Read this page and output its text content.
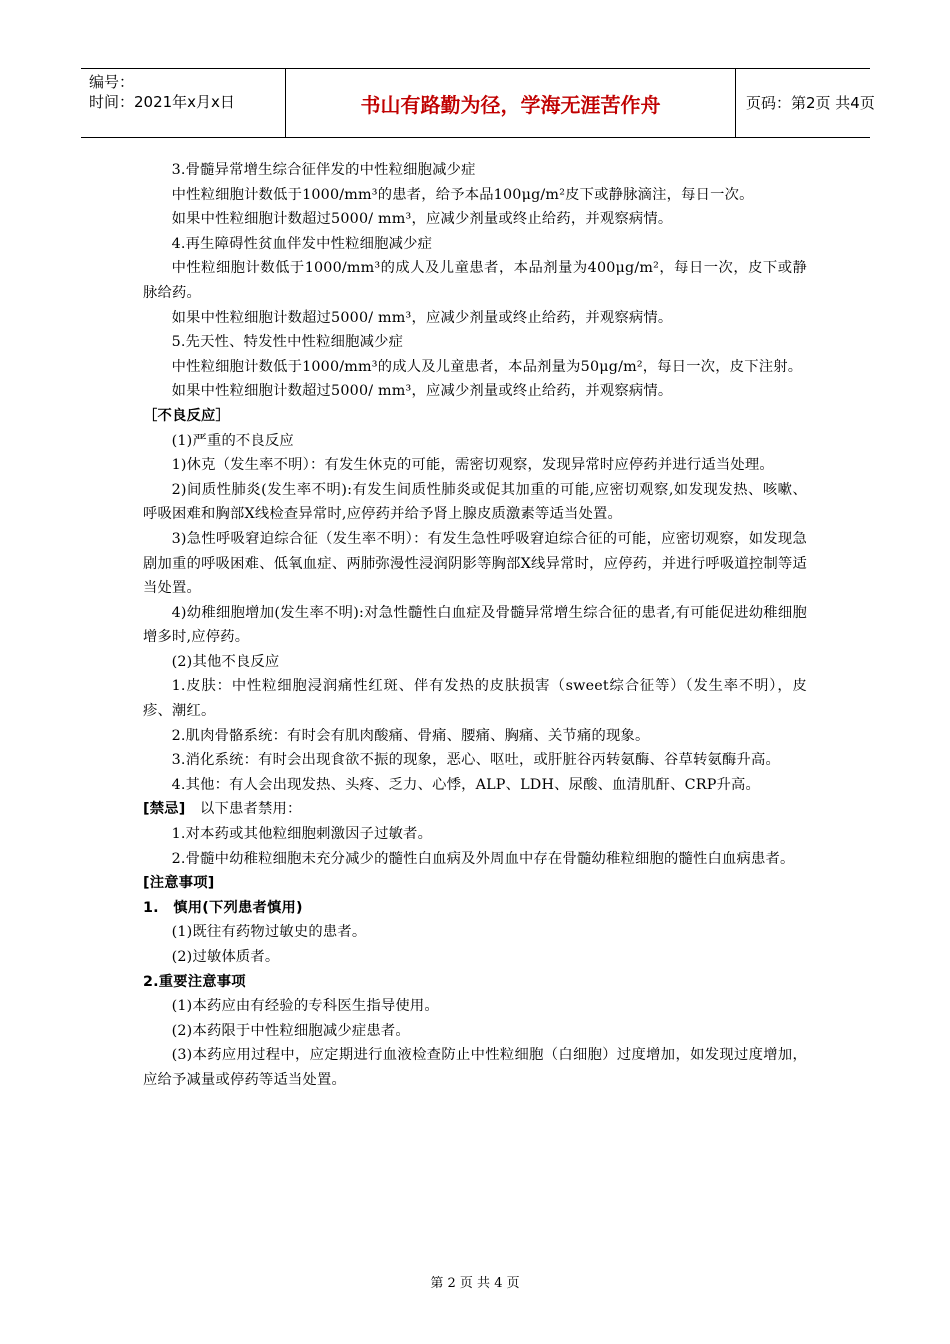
编号：
时间：2021年x月x日	书山有路勤为径，学海无涯苦作舟	页码：第2页 共4页

3.骨髓异常增生综合征伴发的中性粒细胞减少症

中性粒细胞计数低于1000/mm³的患者，给予本品100μg/m²皮下或静脉滴注，每日一次。

如果中性粒细胞计数超过5000/ mm³，应减少剂量或终止给药，并观察病情。

4.再生障碍性贫血伴发中性粒细胞减少症

中性粒细胞计数低于1000/mm³的成人及儿童患者，本品剂量为400μg/m²，每日一次，皮下或静脉给药。

如果中性粒细胞计数超过5000/ mm³，应减少剂量或终止给药，并观察病情。

5.先天性、特发性中性粒细胞减少症

中性粒细胞计数低于1000/mm³的成人及儿童患者，本品剂量为50μg/m²，每日一次，皮下注射。

如果中性粒细胞计数超过5000/ mm³，应减少剂量或终止给药，并观察病情。

［不良反应］

(1)严重的不良反应

1)休克（发生率不明）：有发生休克的可能，需密切观察，发现异常时应停药并进行适当处理。

2)间质性肺炎(发生率不明):有发生间质性肺炎或促其加重的可能,应密切观察,如发现发热、咳嗽、呼吸困难和胸部X线检查异常时,应停药并给予肾上腺皮质激素等适当处置。

3)急性呼吸窘迫综合征（发生率不明）：有发生急性呼吸窘迫综合征的可能，应密切观察，如发现急剧加重的呼吸困难、低氧血症、两肺弥漫性浸润阴影等胸部X线异常时，应停药，并进行呼吸道控制等适当处置。

4)幼稚细胞增加(发生率不明):对急性髓性白血症及骨髓异常增生综合征的患者,有可能促进幼稚细胞增多时,应停药。

(2)其他不良反应

1.皮肤：中性粒细胞浸润痛性红斑、伴有发热的皮肤损害（sweet综合征等）（发生率不明），皮疹、潮红。

2.肌肉骨骼系统：有时会有肌肉酸痛、骨痛、腰痛、胸痛、关节痛的现象。

3.消化系统：有时会出现食欲不振的现象，恶心、呕吐，或肝脏谷丙转氨酶、谷草转氨酶升高。

4.其他：有人会出现发热、头疼、乏力、心悸，ALP、LDH、尿酸、血清肌酐、CRP升高。

[禁忌]　 以下患者禁用：

1.对本药或其他粒细胞刺激因子过敏者。

2.骨髓中幼稚粒细胞未充分减少的髓性白血病及外周血中存在骨髓幼稚粒细胞的髓性白血病患者。

[注意事项]

1.　慎用(下列患者慎用)

(1)既往有药物过敏史的患者。

(2)过敏体质者。

2.重要注意事项

(1)本药应由有经验的专科医生指导使用。

(2)本药限于中性粒细胞减少症患者。

(3)本药应用过程中，应定期进行血液检查防止中性粒细胞（白细胞）过度增加，如发现过度增加，应给予减量或停药等适当处置。

第 2 页 共 4 页
